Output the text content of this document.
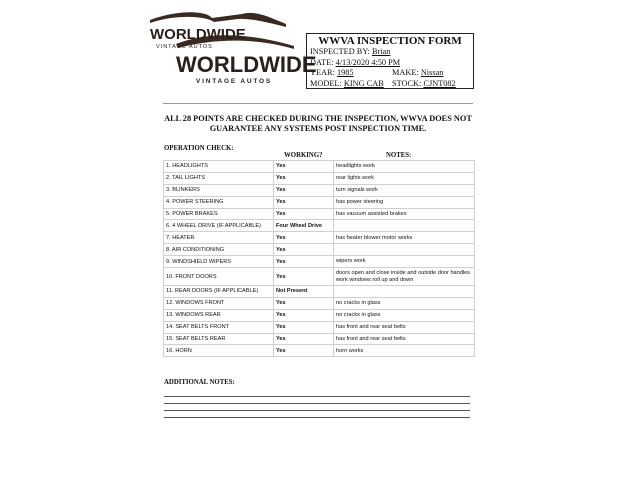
WORLDWIDE
VINTAGE AUTOS
WORLDWIDE
VINTAGE AUTOS
WWVA INSPECTION FORM
INSPECTED BY: Brian
DATE: 4/13/2020 4:50 PM
YEAR: 1985	MAKE: Nissan
MODEL: KING CAB STOCK: CJNT082
ALL 28 POINTS ARE CHECKED DURING THE INSPECTION, WWVA DOES NOT
GUARANTEE ANY SYSTEMS POST INSPECTION TIME.
OPERATION CHECK:
WORKING?	NOTES:
1. HEADLIGHTS	Yes	headlights work
2. TAIL LIGHTS	Yes	rear lights work
3. BLINKERS	Yes	turn signals work
4. POWER STEERING	Yes	has power steering
5. POWER BRAKES	Yes	has vacuum assisted brakes
6. 4 WHEEL DRIVE (IF APPLICABLE)	Four Wheel Drive	
7. HEATER	Yes	has heater blower motor works
8. AIR CONDITIONING	Yes	
9. WINDSHIELD WIPERS	Yes	wipers work
10. FRONT DOORS	Yes	doors open and close inside and outside door handles work windows roll up and down
11. REAR DOORS (IF APPLICABLE)	Not Present	
12. WINDOWS FRONT	Yes	no cracks in glass
13. WINDOWS REAR	Yes	no cracks in glass
14. SEAT BELTS FRONT	Yes	has front and rear seat belts
15. SEAT BELTS REAR	Yes	has front and rear seat belts
16. HORN	Yes	horn works
ADDITIONAL NOTES:
